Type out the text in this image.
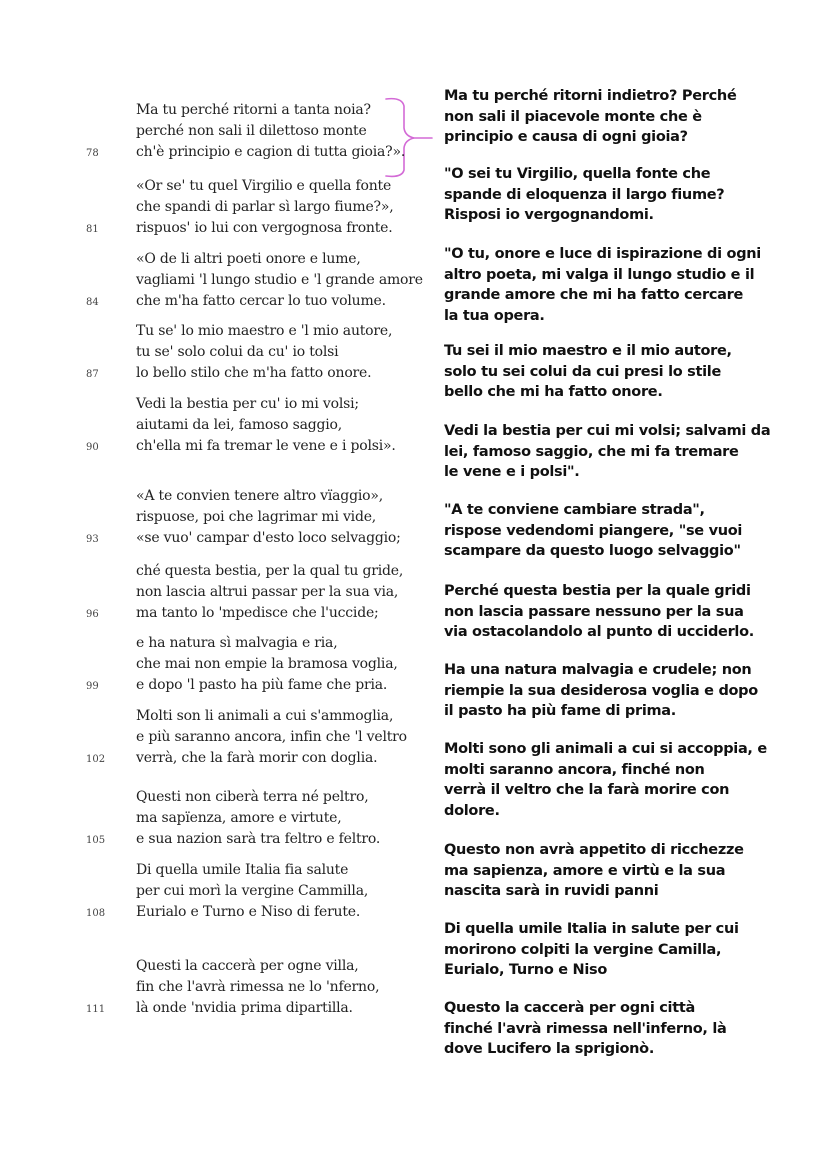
Ma tu perché ritorni a tanta noia?
perché non sali il dilettoso monte
ch'è principio e cagion di tutta gioia?».
78
«Or se' tu quel Virgilio e quella fonte
che spandi di parlar sì largo fiume?»,
rispuos' io lui con vergognosa fronte.
81
«O de li altri poeti onore e lume,
vagliami 'l lungo studio e 'l grande amore
che m'ha fatto cercar lo tuo volume.
84
Tu se' lo mio maestro e 'l mio autore,
tu se' solo colui da cu' io tolsi
lo bello stilo che m'ha fatto onore.
87
Vedi la bestia per cu' io mi volsi;
aiutami da lei, famoso saggio,
ch'ella mi fa tremar le vene e i polsi».
90
«A te convien tenere altro vïaggio»,
rispuose, poi che lagrimar mi vide,
«se vuo' campar d'esto loco selvaggio;
93
ché questa bestia, per la qual tu gride,
non lascia altrui passar per la sua via,
ma tanto lo 'mpedisce che l'uccide;
96
e ha natura sì malvagia e ria,
che mai non empie la bramosa voglia,
e dopo 'l pasto ha più fame che pria.
99
Molti son li animali a cui s'ammoglia,
e più saranno ancora, infin che 'l veltro
verrà, che la farà morir con doglia.
102
Questi non ciberà terra né peltro,
ma sapïenza, amore e virtute,
e sua nazion sarà tra feltro e feltro.
105
Di quella umile Italia fia salute
per cui morì la vergine Cammilla,
Eurialo e Turno e Niso di ferute.
108
Questi la caccerà per ogne villa,
fin che l'avrà rimessa ne lo 'nferno,
là onde 'nvidia prima dipartilla.
111
Ma tu perché ritorni indietro? Perché
non sali il piacevole monte che è
principio e causa di ogni gioia?
"O sei tu Virgilio, quella fonte che
spande di eloquenza il largo fiume?
Risposi io vergognandomi.
"O tu, onore e luce di ispirazione di ogni
altro poeta, mi valga il lungo studio e il
grande amore che mi ha fatto cercare
la tua opera.
Tu sei il mio maestro e il mio autore,
solo tu sei colui da cui presi lo stile
bello che mi ha fatto onore.
Vedi la bestia per cui mi volsi; salvami da
lei, famoso saggio, che mi fa tremare
le vene e i polsi".
"A te conviene cambiare strada",
rispose vedendomi piangere, "se vuoi
scampare da questo luogo selvaggio"
Perché questa bestia per la quale gridi
non lascia passare nessuno per la sua
via ostacolandolo al punto di ucciderlo.
Ha una natura malvagia e crudele; non
riempie la sua desiderosa voglia e dopo
il pasto ha più fame di prima.
Molti sono gli animali a cui si accoppia, e
molti saranno ancora, finché non
verrà il veltro che la farà morire con
dolore.
Questo non avrà appetito di ricchezze
ma sapienza, amore e virtù e la sua
nascita sarà in ruvidi panni
Di quella umile Italia in salute per cui
morirono colpiti la vergine Camilla,
Eurialo, Turno e Niso
Questo la caccerà per ogni città
finché l'avrà rimessa nell'inferno, là
dove Lucifero la sprigionò.
